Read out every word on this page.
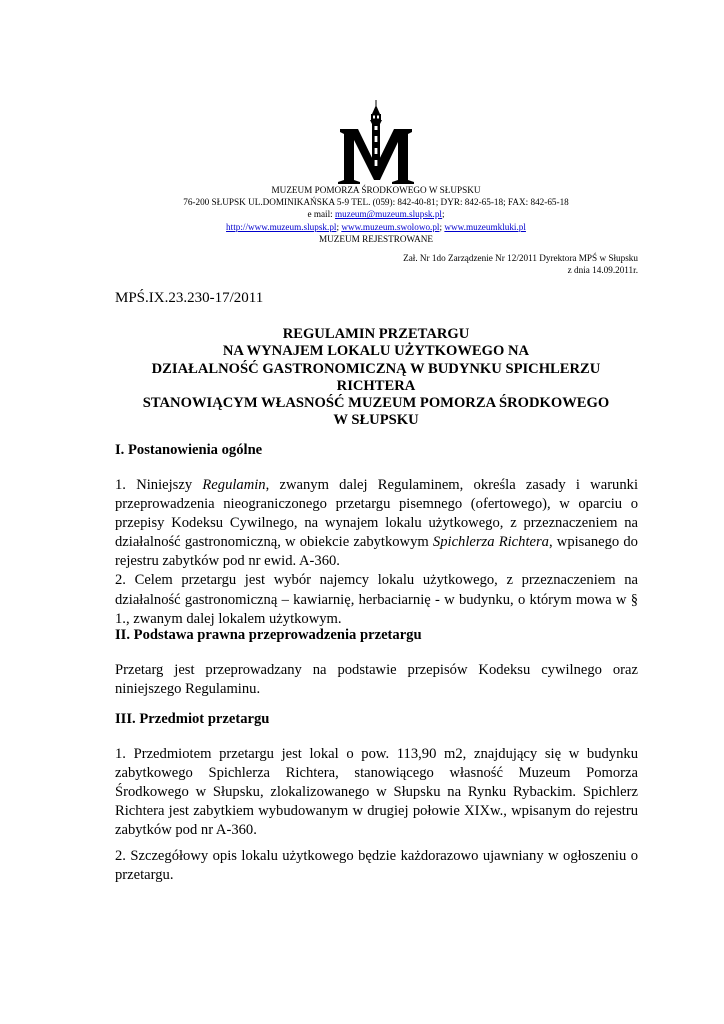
MUZEUM POMORZA ŚRODKOWEGO W SŁUPSKU
76-200 SŁUPSK UL.DOMINIKAŃSKA 5-9 TEL. (059): 842-40-81; DYR: 842-65-18; FAX: 842-65-18
e mail: muzeum@muzeum.slupsk.pl;
http://www.muzeum.slupsk.pl; www.muzeum.swolowo.pl; www.muzeumkluki.pl
MUZEUM REJESTROWANE
Zał. Nr 1do Zarządzenie Nr 12/2011 Dyrektora MPŚ w Słupsku
z dnia 14.09.2011r.
MPŚ.IX.23.230-17/2011
REGULAMIN PRZETARGU
NA WYNAJEM LOKALU UŻYTKOWEGO NA
DZIAŁALNOŚĆ GASTRONOMICZNĄ W BUDYNKU SPICHLERZU
RICHTERA
STANOWIĄCYM WŁASNOŚĆ MUZEUM POMORZA ŚRODKOWEGO
W SŁUPSKU
I. Postanowienia ogólne

1. Niniejszy Regulamin, zwanym dalej Regulaminem, określa zasady i warunki przeprowadzenia nieograniczonego przetargu pisemnego (ofertowego), w oparciu o przepisy Kodeksu Cywilnego, na wynajem lokalu użytkowego, z przeznaczeniem na działalność gastronomiczną, w obiekcie zabytkowym Spichlerza Richtera, wpisanego do rejestru zabytków pod nr ewid. A-360.

2. Celem przetargu jest wybór najemcy lokalu użytkowego, z przeznaczeniem na działalność gastronomiczną – kawiarnię, herbaciarnię - w budynku, o którym mowa w § 1., zwanym dalej lokalem użytkowym.

II. Podstawa prawna przeprowadzenia przetargu

Przetarg jest przeprowadzany na podstawie przepisów Kodeksu cywilnego oraz niniejszego Regulaminu.

III. Przedmiot przetargu

1. Przedmiotem przetargu jest lokal o pow. 113,90 m2, znajdujący się w budynku zabytkowego Spichlerza Richtera, stanowiącego własność Muzeum Pomorza Środkowego w Słupsku, zlokalizowanego w Słupsku na Rynku Rybackim. Spichlerz Richtera jest zabytkiem wybudowanym w drugiej połowie XIXw., wpisanym do rejestru zabytków pod nr A-360.

2. Szczegółowy opis lokalu użytkowego będzie każdorazowo ujawniany w ogłoszeniu o przetargu.
